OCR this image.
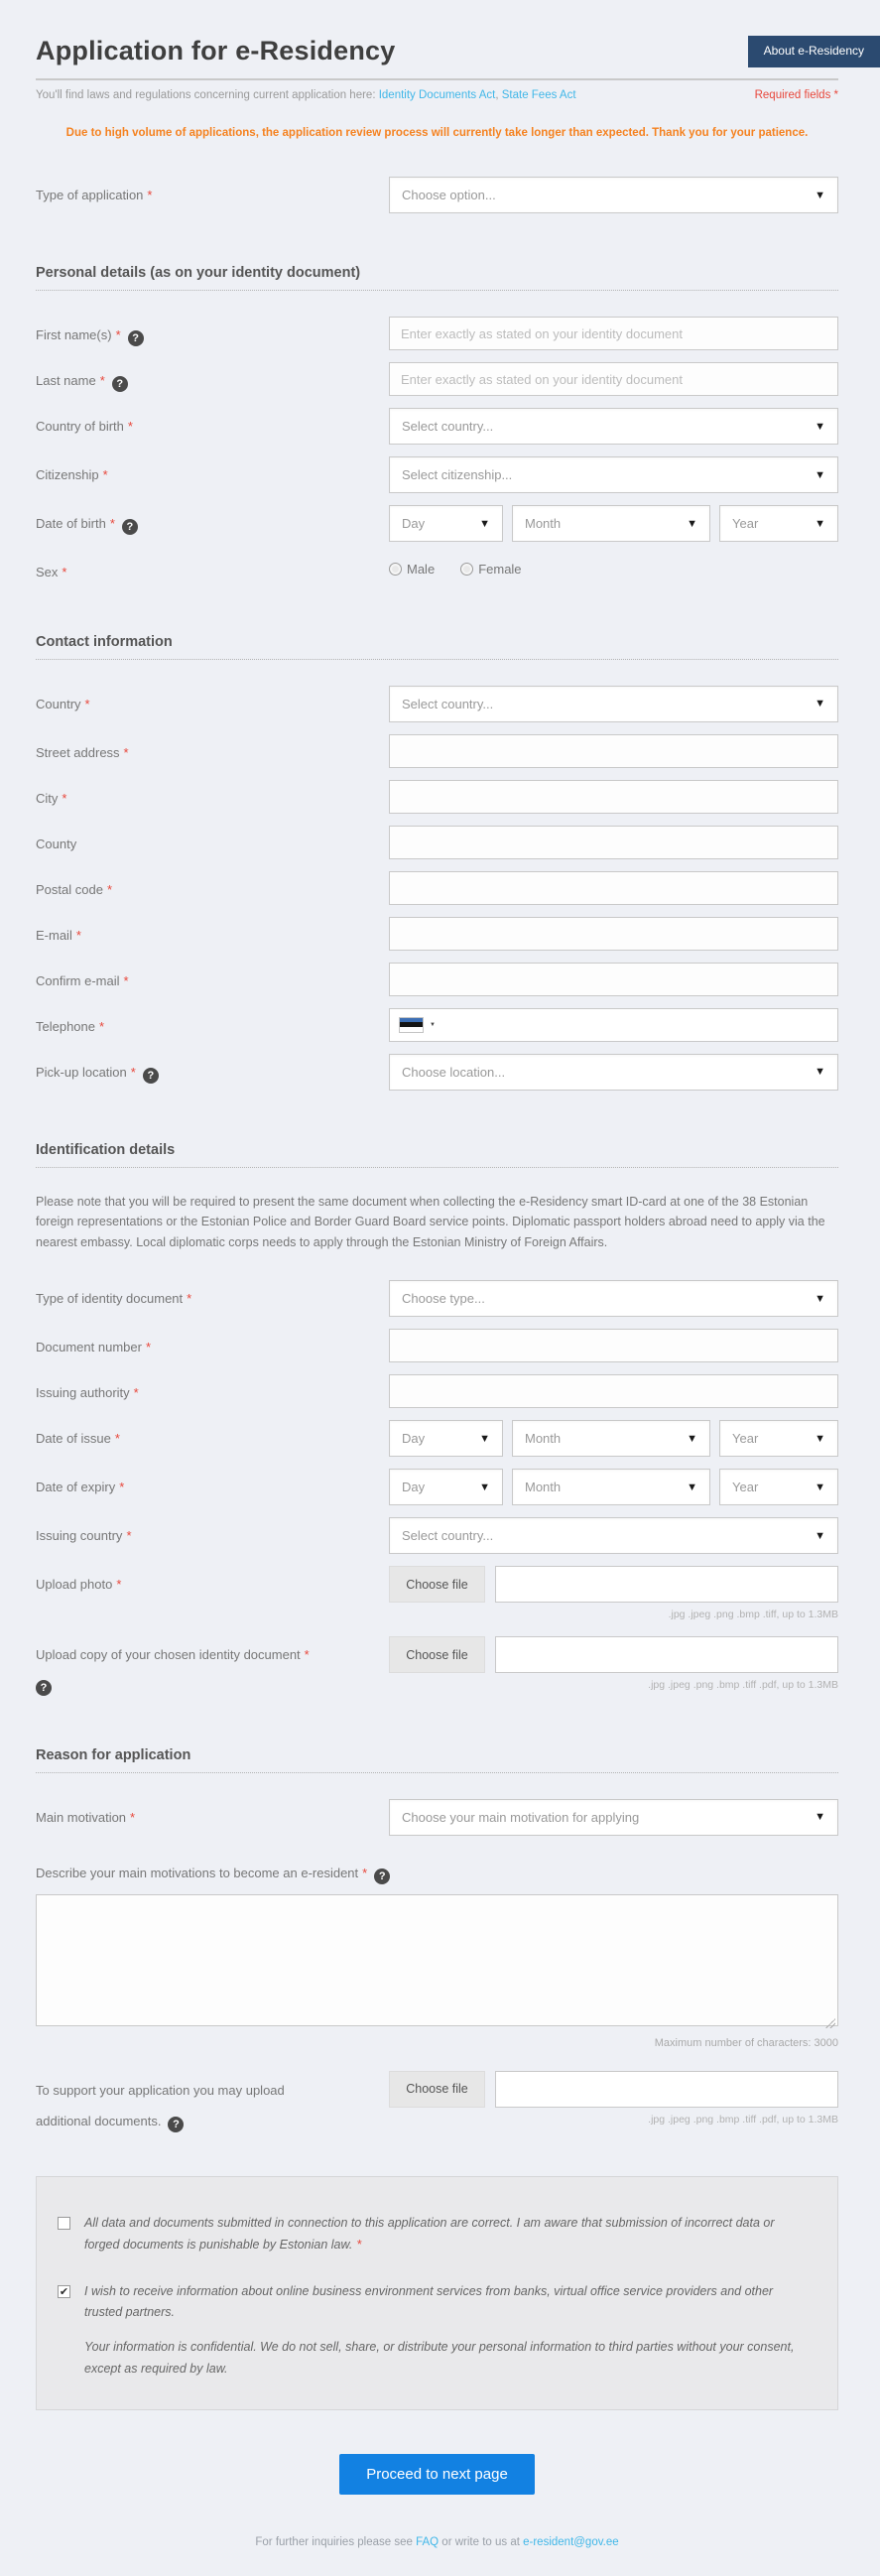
About e-Residency
Application for e-Residency
You'll find laws and regulations concerning current application here: Identity Documents Act, State Fees Act	Required fields *
Due to high volume of applications, the application review process will currently take longer than expected. Thank you for your patience.
Type of application *	Choose option...	▼
Personal details (as on your identity document)
First name(s) * ?
Enter exactly as stated on your identity document
Last name * ?
Enter exactly as stated on your identity document
Country of birth *	Select country...	▼
Citizenship *	Select citizenship...	▼
Date of birth * ?	Day	▼	Month	▼	Year	▼
Sex *	Male	Female
Contact information
Country *	Select country...	▼
Street address *
City *
County
Postal code *
E-mail *
Confirm e-mail *
Telephone *	▼
Pick-up location * ?	Choose location...	▼
Identification details

Please note that you will be required to present the same document when collecting the e-Residency smart ID-card at one of the 38 Estonian foreign representations or the Estonian Police and Border Guard Board service points. Diplomatic passport holders abroad need to apply via the nearest embassy. Local diplomatic corps needs to apply through the Estonian Ministry of Foreign Affairs.

Type of identity document *	Choose type...	▼
Document number *
Issuing authority *
Date of issue *	Day	▼	Month	▼	Year	▼
Date of expiry *	Day	▼	Month	▼	Year	▼
Issuing country *	Select country...	▼
Upload photo *	Choose file
.jpg .jpeg .png .bmp .tiff, up to 1.3MB
Upload copy of your chosen identity document *
?
Choose file
.jpg .jpeg .png .bmp .tiff .pdf, up to 1.3MB
Reason for application
Main motivation *	Choose your main motivation for applying	▼
Describe your main motivations to become an e-resident * ?
Maximum number of characters: 3000
To support your application you may upload
additional documents. ?
Choose file
.jpg .jpeg .png .bmp .tiff .pdf, up to 1.3MB
All data and documents submitted in connection to this application are correct. I am aware that submission of incorrect data or forged documents is punishable by Estonian law. *
✔ I wish to receive information about online business environment services from banks, virtual office service providers and other trusted partners.

Your information is confidential. We do not sell, share, or distribute your personal information to third parties without your consent, except as required by law.

Proceed to next page
For further inquiries please see FAQ or write to us at e-resident@gov.ee
